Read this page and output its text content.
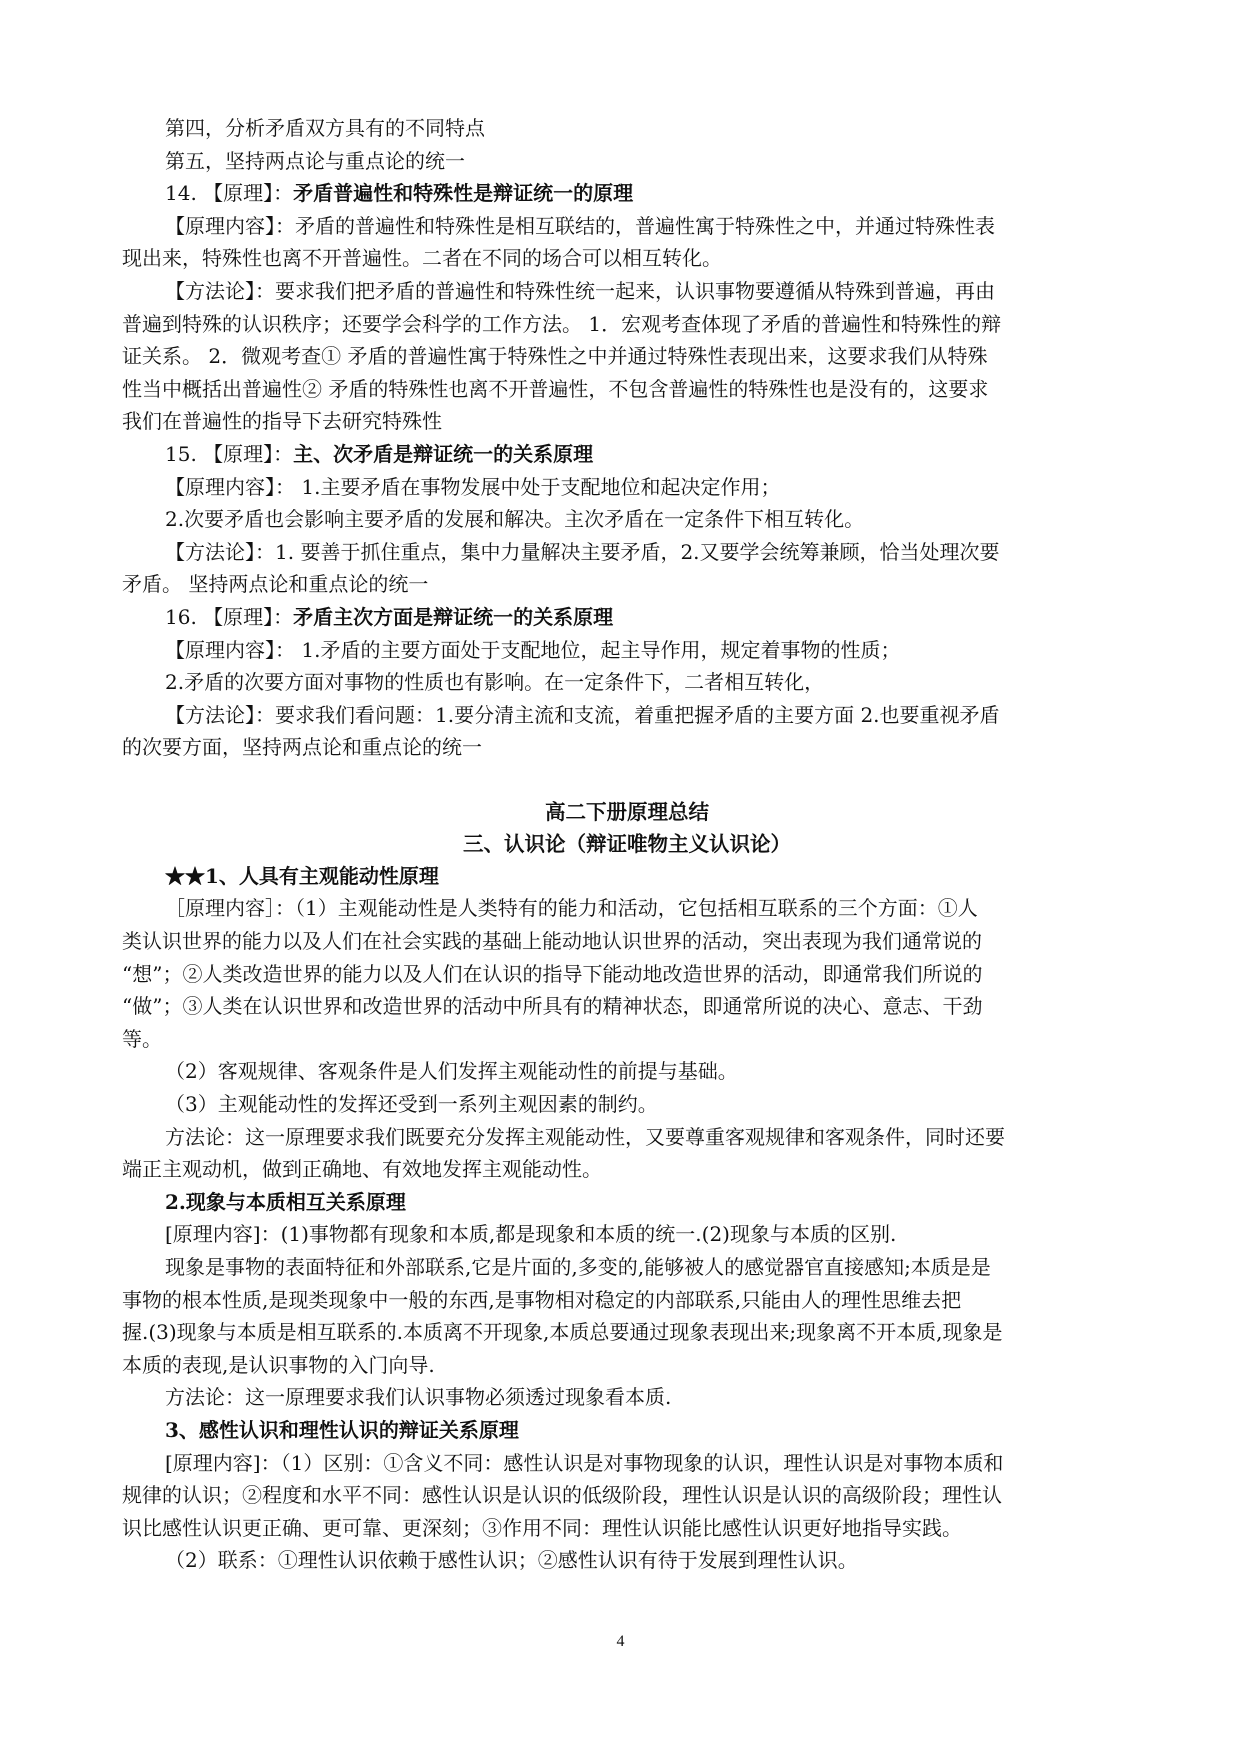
第四，分析矛盾双方具有的不同特点

第五，坚持两点论与重点论的统一

14. 【原理】：矛盾普遍性和特殊性是辩证统一的原理

【原理内容】：矛盾的普遍性和特殊性是相互联结的，普遍性寓于特殊性之中，并通过特殊性表

现出来，特殊性也离不开普遍性。二者在不同的场合可以相互转化。

【方法论】：要求我们把矛盾的普遍性和特殊性统一起来，认识事物要遵循从特殊到普遍，再由

普遍到特殊的认识秩序；还要学会科学的工作方法。 1．宏观考查体现了矛盾的普遍性和特殊性的辩

证关系。 2．微观考查① 矛盾的普遍性寓于特殊性之中并通过特殊性表现出来，这要求我们从特殊

性当中概括出普遍性② 矛盾的特殊性也离不开普遍性，不包含普遍性的特殊性也是没有的，这要求

我们在普遍性的指导下去研究特殊性

15. 【原理】：主、次矛盾是辩证统一的关系原理

【原理内容】： 1.主要矛盾在事物发展中处于支配地位和起决定作用；

2.次要矛盾也会影响主要矛盾的发展和解决。主次矛盾在一定条件下相互转化。

【方法论】：1. 要善于抓住重点，集中力量解决主要矛盾，2.又要学会统筹兼顾，恰当处理次要

矛盾。 坚持两点论和重点论的统一

16. 【原理】：矛盾主次方面是辩证统一的关系原理

【原理内容】： 1.矛盾的主要方面处于支配地位，起主导作用，规定着事物的性质；

2.矛盾的次要方面对事物的性质也有影响。在一定条件下，二者相互转化，

【方法论】：要求我们看问题：1.要分清主流和支流，着重把握矛盾的主要方面 2.也要重视矛盾

的次要方面，坚持两点论和重点论的统一

高二下册原理总结

三、认识论（辩证唯物主义认识论）

★★1、人具有主观能动性原理

［原理内容］：（1）主观能动性是人类特有的能力和活动，它包括相互联系的三个方面：①人

类认识世界的能力以及人们在社会实践的基础上能动地认识世界的活动，突出表现为我们通常说的

“想”；②人类改造世界的能力以及人们在认识的指导下能动地改造世界的活动，即通常我们所说的

“做”；③人类在认识世界和改造世界的活动中所具有的精神状态，即通常所说的决心、意志、干劲

等。

（2）客观规律、客观条件是人们发挥主观能动性的前提与基础。

（3）主观能动性的发挥还受到一系列主观因素的制约。

方法论：这一原理要求我们既要充分发挥主观能动性，又要尊重客观规律和客观条件，同时还要

端正主观动机，做到正确地、有效地发挥主观能动性。

2.现象与本质相互关系原理

[原理内容]：(1)事物都有现象和本质,都是现象和本质的统一.(2)现象与本质的区别.

现象是事物的表面特征和外部联系,它是片面的,多变的,能够被人的感觉器官直接感知;本质是是

事物的根本性质,是现类现象中一般的东西,是事物相对稳定的内部联系,只能由人的理性思维去把

握.(3)现象与本质是相互联系的.本质离不开现象,本质总要通过现象表现出来;现象离不开本质,现象是

本质的表现,是认识事物的入门向导.

方法论：这一原理要求我们认识事物必须透过现象看本质.

3、感性认识和理性认识的辩证关系原理

[原理内容]：（1）区别：①含义不同：感性认识是对事物现象的认识，理性认识是对事物本质和

规律的认识；②程度和水平不同：感性认识是认识的低级阶段，理性认识是认识的高级阶段；理性认

识比感性认识更正确、更可靠、更深刻；③作用不同：理性认识能比感性认识更好地指导实践。

（2）联系：①理性认识依赖于感性认识；②感性认识有待于发展到理性认识。

4
